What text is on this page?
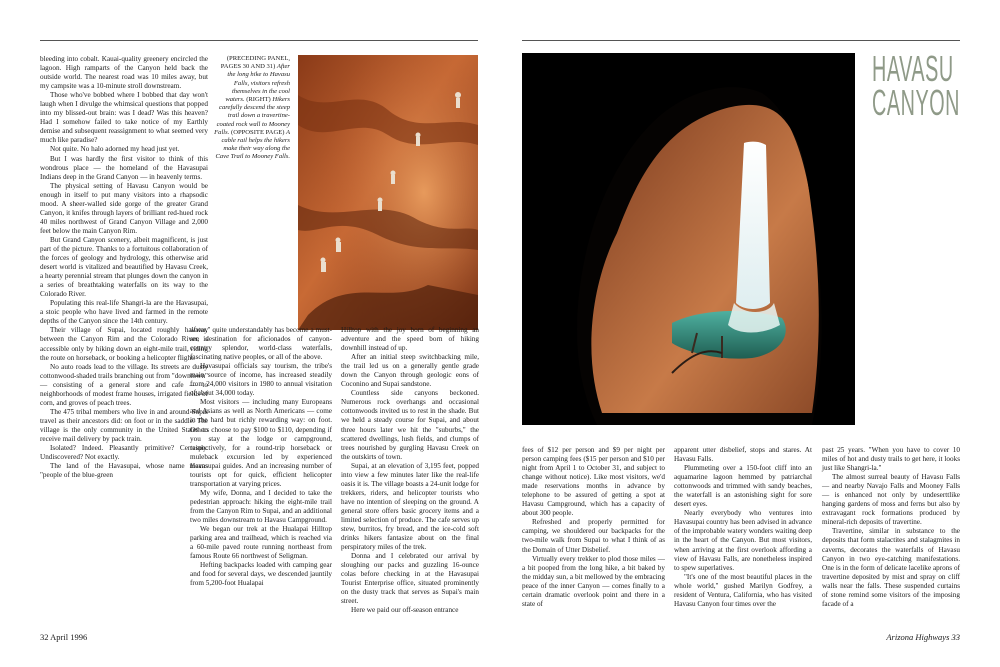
bleeding into cobalt. Kauai-quality greenery encircled the lagoon. High ramparts of the Canyon held back the outside world. The nearest road was 10 miles away, but my campsite was a 10-minute stroll downstream.

Those who've bobbed where I bobbed that day won't laugh when I divulge the whimsical questions that popped into my blissed-out brain: was I dead? Was this heaven? Had I somehow failed to take notice of my Earthly demise and subsequent reassignment to what seemed very much like paradise?

Not quite. No halo adorned my head just yet.

But I was hardly the first visitor to think of this wondrous place — the homeland of the Havasupai Indians deep in the Grand Canyon — in heavenly terms.

The physical setting of Havasu Canyon would be enough in itself to put many visitors into a rhapsodic mood. A sheer-walled side gorge of the greater Grand Canyon, it knifes through layers of brilliant red-hued rock 40 miles northwest of Grand Canyon Village and 2,000 feet below the main Canyon Rim.

But Grand Canyon scenery, albeit magnificent, is just part of the picture. Thanks to a fortuitous collaboration of the forces of geology and hydrology, this otherwise arid desert world is vitalized and beautified by Havasu Creek, a hearty perennial stream that plunges down the canyon in a series of breathtaking waterfalls on its way to the Colorado River.

Populating this real-life Shangri-la are the Havasupai, a stoic people who have lived and farmed in the remote depths of the Canyon since the 14th century.

Their village of Supai, located roughly halfway between the Canyon Rim and the Colorado River, is accessible only by hiking down an eight-mile trail, riding the route on horseback, or booking a helicopter flight.

No auto roads lead to the village. Its streets are dusty cottonwood-shaded trails branching out from "downtown" — consisting of a general store and cafe — to neighborhoods of modest frame houses, irrigated fields of corn, and groves of peach trees.

The 475 tribal members who live in and around Supai travel as their ancestors did: on foot or in the saddle. The village is the only community in the United States to receive mail delivery by pack train.

Isolated? Indeed. Pleasantly primitive? Certainly. Undiscovered? Not exactly.

The land of the Havasupai, whose name means "people of the blue-green

(PRECEDING PANEL, PAGES 30 AND 31) After the long hike to Havasu Falls, visitors refresh themselves in the cool waters. (RIGHT) Hikers carefully descend the steep trail down a travertine-coated rock wall to Mooney Falls. (OPPOSITE PAGE) A cable rail helps the hikers make their way along the Cave Trail to Mooney Falls.

water," quite understandably has become a must-see destination for aficionados of canyon-country splendor, world-class waterfalls, fascinating native peoples, or all of the above.

Havasupai officials say tourism, the tribe's main source of income, has increased steadily from 24,000 visitors in 1980 to annual visitation of about 34,000 today.

Most visitors — including many Europeans and Asians as well as North Americans — come in the hard but richly rewarding way: on foot. Others choose to pay $100 to $110, depending if you stay at the lodge or campground, respectively, for a round-trip horseback or muleback excursion led by experienced Havasupai guides. And an increasing number of tourists opt for quick, efficient helicopter transportation at varying prices.

My wife, Donna, and I decided to take the pedestrian approach: hiking the eight-mile trail from the Canyon Rim to Supai, and an additional two miles downstream to Havasu Campground.

We began our trek at the Hualapai Hilltop parking area and trailhead, which is reached via a 60-mile paved route running northeast from famous Route 66 northwest of Seligman.

Hefting backpacks loaded with camping gear and food for several days, we descended jauntily from 5,200-foot Hualapai

Hilltop with the joy born of beginning an adventure and the speed born of hiking downhill instead of up.

After an initial steep switchbacking mile, the trail led us on a generally gentle grade down the Canyon through geologic eons of Coconino and Supai sandstone.

Countless side canyons beckoned. Numerous rock overhangs and occasional cottonwoods invited us to rest in the shade. But we held a steady course for Supai, and about three hours later we hit the "suburbs," the scattered dwellings, lush fields, and clumps of trees nourished by gurgling Havasu Creek on the outskirts of town.

Supai, at an elevation of 3,195 feet, popped into view a few minutes later like the real-life oasis it is. The village boasts a 24-unit lodge for trekkers, riders, and helicopter tourists who have no intention of sleeping on the ground. A general store offers basic grocery items and a limited selection of produce. The cafe serves up stew, burritos, fry bread, and the ice-cold soft drinks hikers fantasize about on the final perspiratory miles of the trek.

Donna and I celebrated our arrival by sloughing our packs and guzzling 16-ounce colas before checking in at the Havasupai Tourist Enterprise office, situated prominently on the dusty track that serves as Supai's main street.

Here we paid our off-season entrance

32 April 1996
HAVASU
CANYON

fees of $12 per person and $9 per night per person camping fees ($15 per person and $10 per night from April 1 to October 31, and subject to change without notice). Like most visitors, we'd made reservations months in advance by telephone to be assured of getting a spot at Havasu Campground, which has a capacity of about 300 people.

Refreshed and properly permitted for camping, we shouldered our backpacks for the two-mile walk from Supai to what I think of as the Domain of Utter Disbelief.

Virtually every trekker to plod those miles — a bit pooped from the long hike, a bit baked by the midday sun, a bit mellowed by the embracing peace of the inner Canyon — comes finally to a certain dramatic overlook point and there in a state of

apparent utter disbelief, stops and stares. At Havasu Falls.

Plummeting over a 150-foot cliff into an aquamarine lagoon hemmed by patriarchal cottonwoods and trimmed with sandy beaches, the waterfall is an astonishing sight for sore desert eyes.

Nearly everybody who ventures into Havasupai country has been advised in advance of the improbable watery wonders waiting deep in the heart of the Canyon. But most visitors, when arriving at the first overlook affording a view of Havasu Falls, are nonetheless inspired to spew superlatives.

"It's one of the most beautiful places in the whole world," gushed Marilyn Godfrey, a resident of Ventura, California, who has visited Havasu Canyon four times over the

past 25 years. "When you have to cover 10 miles of hot and dusty trails to get here, it looks just like Shangri-la."

The almost surreal beauty of Havasu Falls — and nearby Navajo Falls and Mooney Falls — is enhanced not only by undeserttlike hanging gardens of moss and ferns but also by extravagant rock formations produced by mineral-rich deposits of travertine.

Travertine, similar in substance to the deposits that form stalactites and stalagmites in caverns, decorates the waterfalls of Havasu Canyon in two eye-catching manifestations. One is in the form of delicate lacelike aprons of travertine deposited by mist and spray on cliff walls near the falls. These suspended curtains of stone remind some visitors of the imposing facade of a

Arizona Highways 33
